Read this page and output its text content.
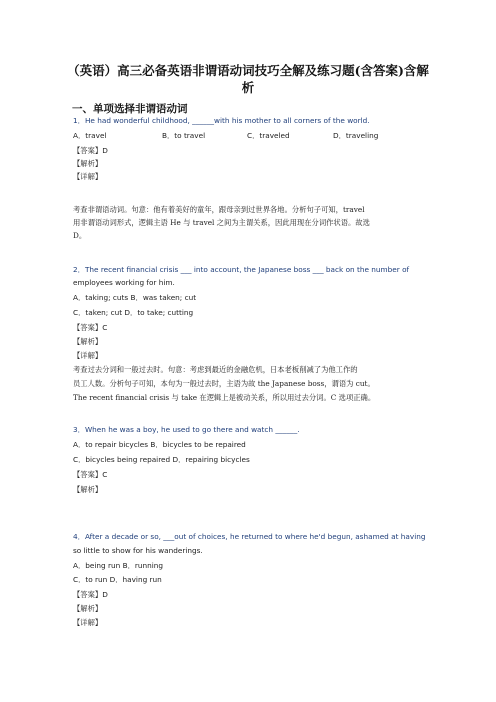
（英语）高三必备英语非谓语动词技巧全解及练习题(含答案)含解
析
一、单项选择非谓语动词
1．He had wonderful childhood, ______with his mother to all corners of the world.
A．travel	B．to travel	C．traveled	D．traveling
【答案】D
【解析】
【详解】
考查非谓语动词。句意：他有着美好的童年，跟母亲到过世界各地。分析句子可知，travel
用非谓语动词形式，逻辑主语 He 与 travel 之间为主谓关系，因此用现在分词作状语。故选
D。
2．The recent financial crisis ___ into account, the Japanese boss ___ back on the number of
employees working for him.
A．taking; cuts B．was taken; cut
C．taken; cut D．to take; cutting
【答案】C
【解析】
【详解】
考查过去分词和一般过去时。句意：考虑到最近的金融危机，日本老板削减了为他工作的
员工人数。分析句子可知，本句为一般过去时，主语为故 the Japanese boss，谓语为 cut。
The recent financial crisis 与 take 在逻辑上是被动关系，所以用过去分词。C 选项正确。
3．When he was a boy, he used to go there and watch ______.
A．to repair bicycles B．bicycles to be repaired
C．bicycles being repaired D．repairing bicycles
【答案】C
【解析】
4．After a decade or so, ___out of choices, he returned to where he'd begun, ashamed at having
so little to show for his wanderings.
A．being run B．running
C．to run D．having run
【答案】D
【解析】
【详解】
